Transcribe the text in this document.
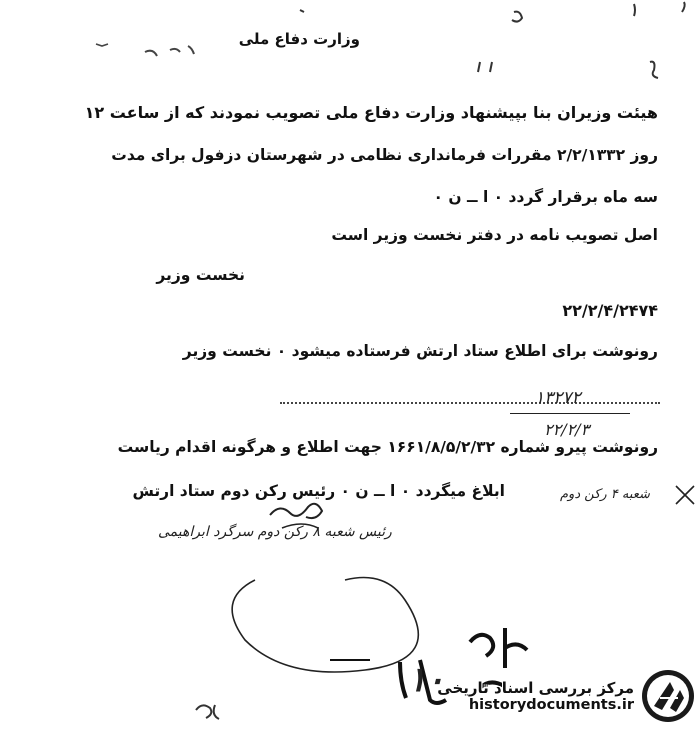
وزارت دفاع ملی
هیئت وزیران بنا بپیشنهاد وزارت دفاع ملی تصویب نمودند که از ساعت ۱۲
روز ۲/۲/۱۳۳۲ مقررات فرمانداری نظامی در شهرستان دزفول برای مدت
سه ماه برقرار گردد ۰ ا ــ ن ۰
اصل تصویب نامه در دفتر نخست وزیر است
نخست وزیر
۲۲/۲/۴/۲۴۷۴
رونوشت برای اطلاع ستاد ارتش فرستاده میشود ۰ نخست وزیر
۱۳۲۷۲
۲۲/۲/۳
رونوشت پیرو شماره ۱۶۶۱/۸/۵/۲/۳۲ جهت اطلاع و هرگونه اقدام ریاست
ابلاغ میگردد ۰ ا ــ ن ۰ رئیس رکن دوم ستاد ارتش	شعبه ۴ رکن دوم
رئیس شعبه ۸ رکن دوم سرگرد ابراهیمی
۱۰
مرکز بررسی اسناد تاریخی
historydocuments.ir
